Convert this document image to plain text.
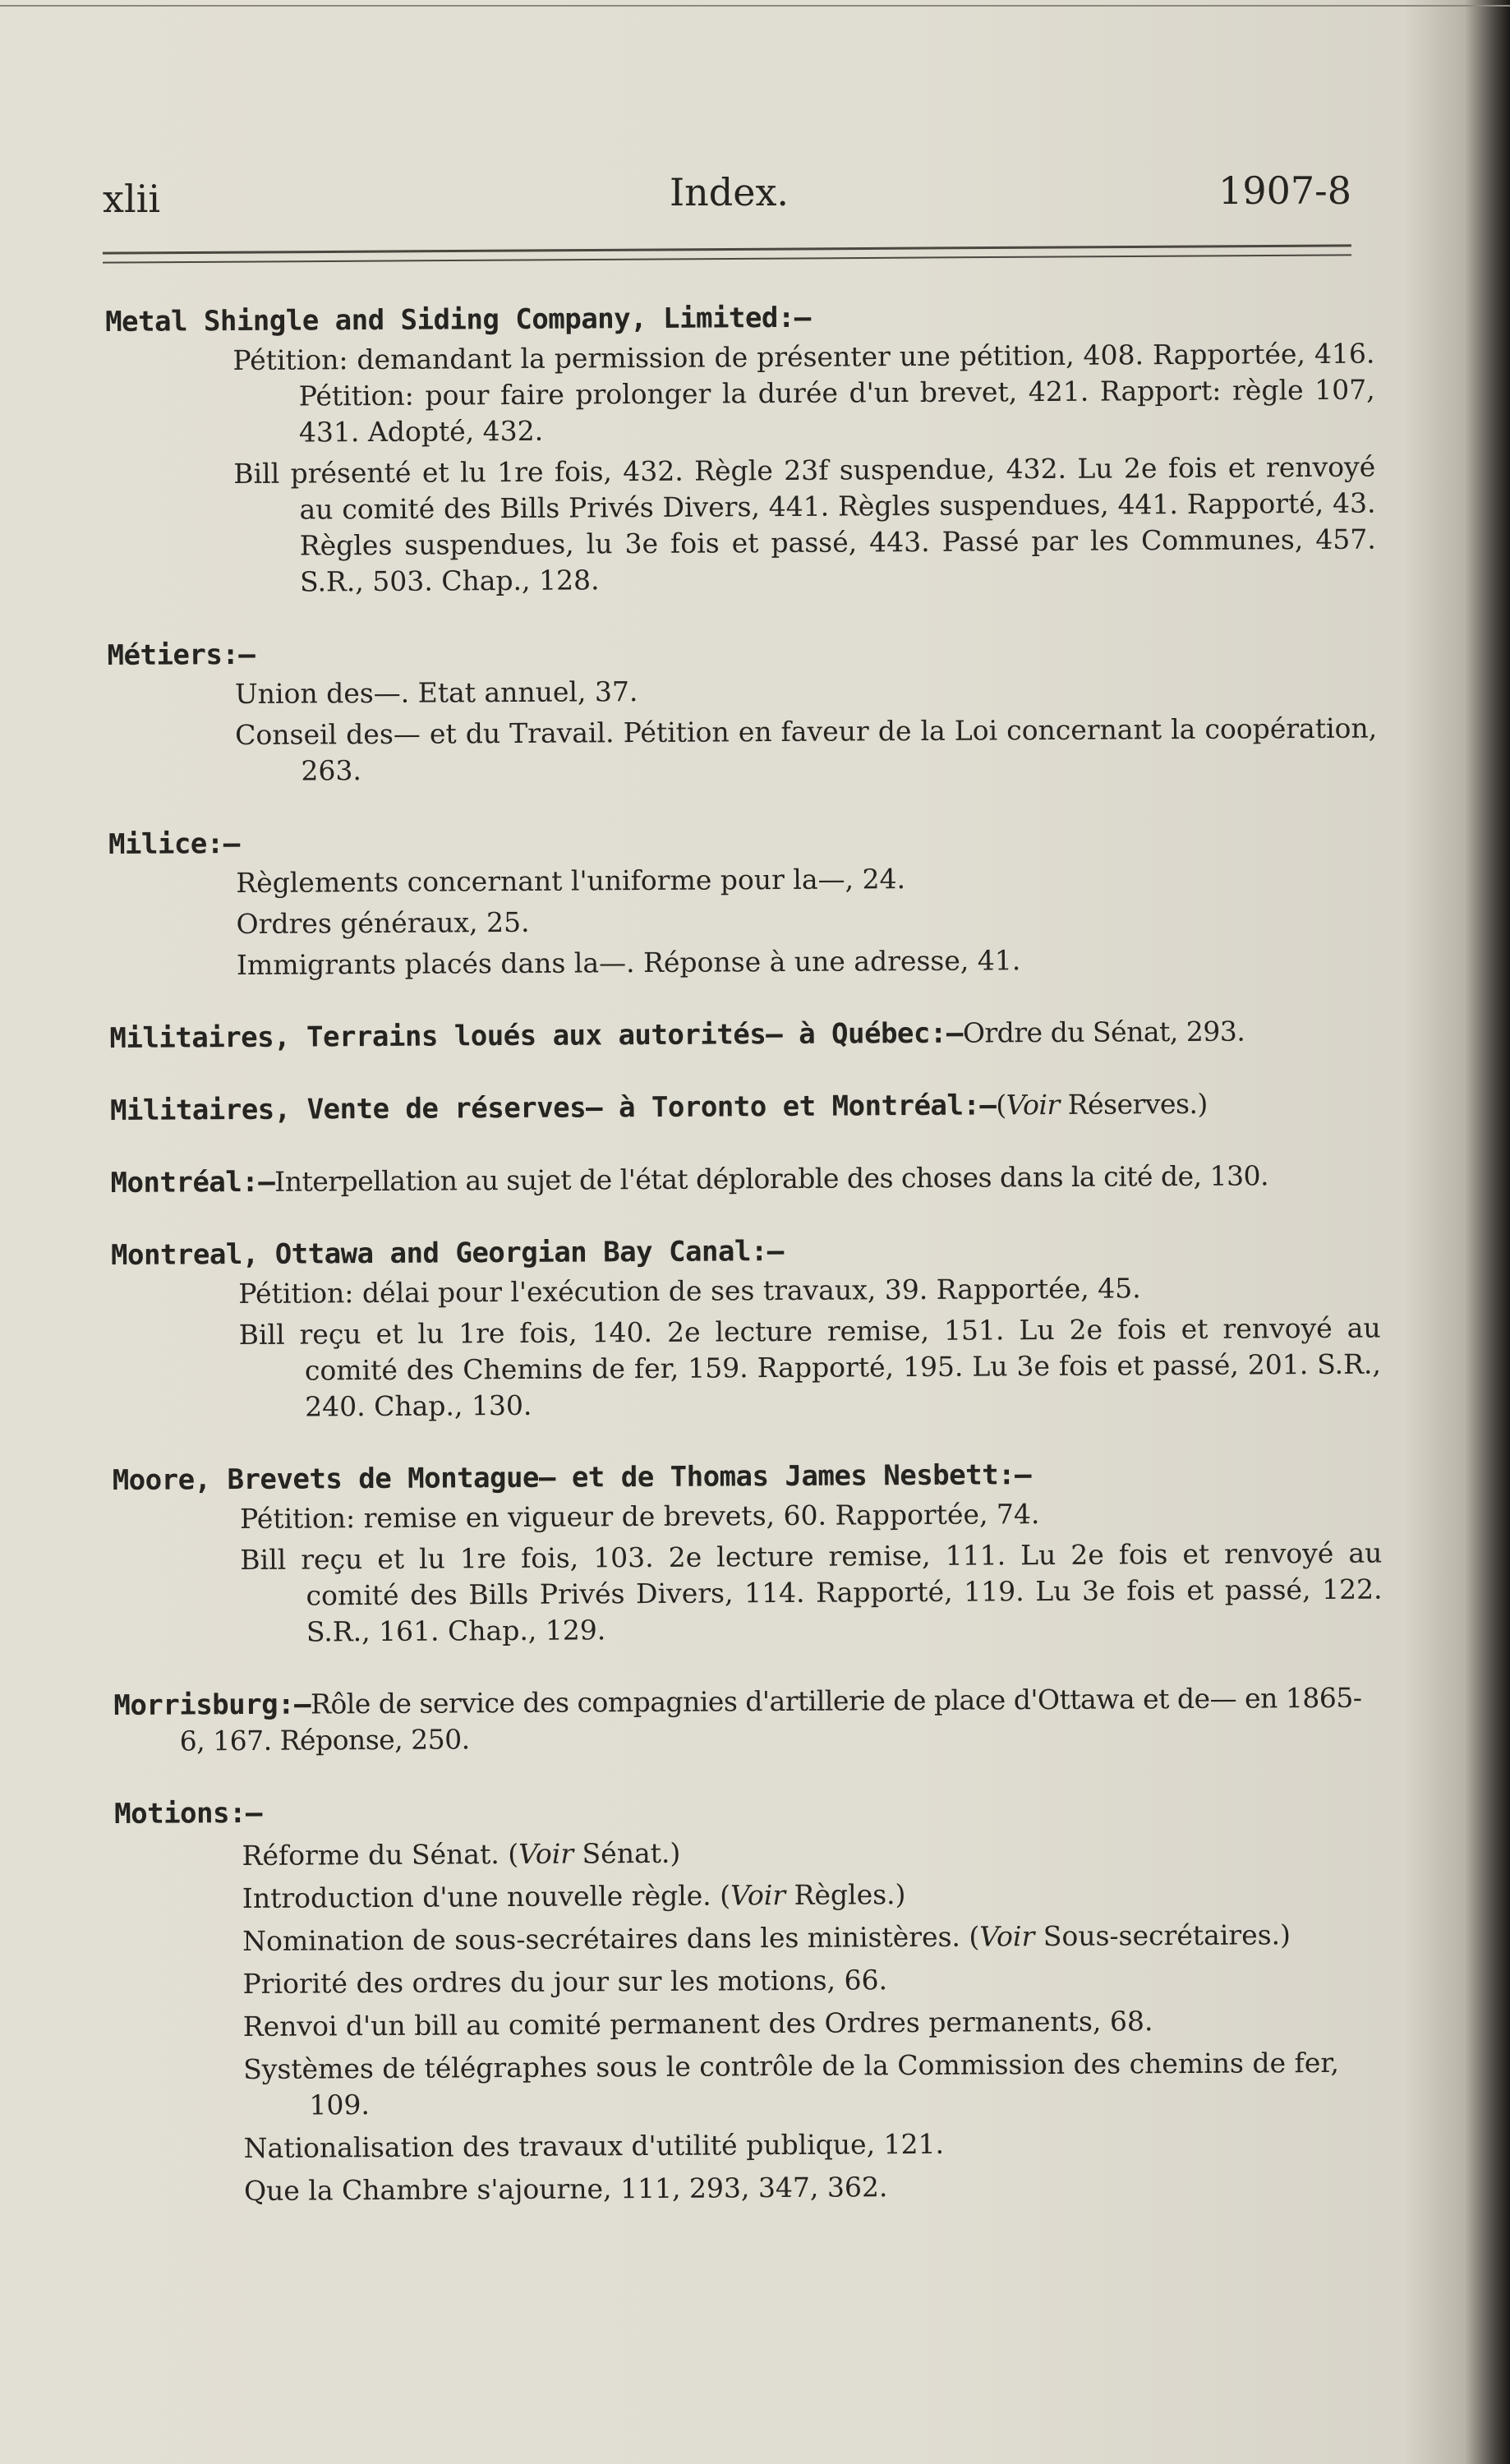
xlii	Index.	1907-8
Metal Shingle and Siding Company, Limited:—
Pétition: demandant la permission de présenter une pétition, 408. Rapportée, 416. Pétition: pour faire prolonger la durée d'un brevet, 421. Rapport: règle 107, 431. Adopté, 432.
Bill présenté et lu 1re fois, 432. Règle 23f suspendue, 432. Lu 2e fois et renvoyé au comité des Bills Privés Divers, 441. Règles suspendues, 441. Rapporté, 43. Règles suspendues, lu 3e fois et passé, 443. Passé par les Communes, 457. S.R., 503. Chap., 128.
Métiers:—
Union des—. Etat annuel, 37.
Conseil des— et du Travail. Pétition en faveur de la Loi concernant la coopération, 263.
Milice:—
Règlements concernant l'uniforme pour la—, 24.
Ordres généraux, 25.
Immigrants placés dans la—. Réponse à une adresse, 41.
Militaires, Terrains loués aux autorités— à Québec:—Ordre du Sénat, 293.
Militaires, Vente de réserves— à Toronto et Montréal:—(Voir Réserves.)
Montréal:—Interpellation au sujet de l'état déplorable des choses dans la cité de, 130.
Montreal, Ottawa and Georgian Bay Canal:—
Pétition: délai pour l'exécution de ses travaux, 39. Rapportée, 45.
Bill reçu et lu 1re fois, 140. 2e lecture remise, 151. Lu 2e fois et renvoyé au comité des Chemins de fer, 159. Rapporté, 195. Lu 3e fois et passé, 201. S.R., 240. Chap., 130.
Moore, Brevets de Montague— et de Thomas James Nesbett:—
Pétition: remise en vigueur de brevets, 60. Rapportée, 74.
Bill reçu et lu 1re fois, 103. 2e lecture remise, 111. Lu 2e fois et renvoyé au comité des Bills Privés Divers, 114. Rapporté, 119. Lu 3e fois et passé, 122. S.R., 161. Chap., 129.
Morrisburg:—Rôle de service des compagnies d'artillerie de place d'Ottawa et de— en 1865-6, 167. Réponse, 250.
Motions:—
Réforme du Sénat. (Voir Sénat.)
Introduction d'une nouvelle règle. (Voir Règles.)
Nomination de sous-secrétaires dans les ministères. (Voir Sous-secrétaires.)
Priorité des ordres du jour sur les motions, 66.
Renvoi d'un bill au comité permanent des Ordres permanents, 68.
Systèmes de télégraphes sous le contrôle de la Commission des chemins de fer, 109.
Nationalisation des travaux d'utilité publique, 121.
Que la Chambre s'ajourne, 111, 293, 347, 362.
